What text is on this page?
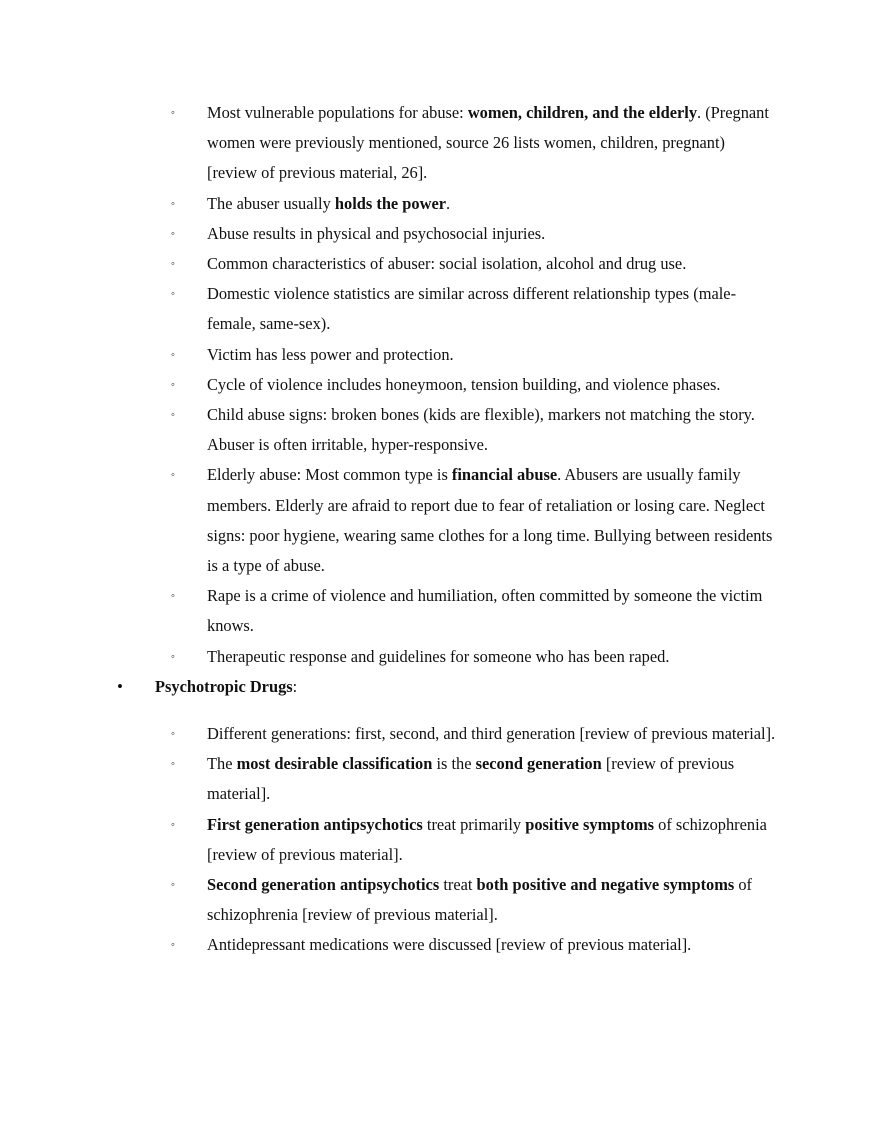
◦ Most vulnerable populations for abuse: women, children, and the elderly. (Pregnant women were previously mentioned, source 26 lists women, children, pregnant) [review of previous material, 26].
◦ The abuser usually holds the power.
◦ Abuse results in physical and psychosocial injuries.
◦ Common characteristics of abuser: social isolation, alcohol and drug use.
◦ Domestic violence statistics are similar across different relationship types (male-female, same-sex).
◦ Victim has less power and protection.
◦ Cycle of violence includes honeymoon, tension building, and violence phases.
◦ Child abuse signs: broken bones (kids are flexible), markers not matching the story. Abuser is often irritable, hyper-responsive.
◦ Elderly abuse: Most common type is financial abuse. Abusers are usually family members. Elderly are afraid to report due to fear of retaliation or losing care. Neglect signs: poor hygiene, wearing same clothes for a long time. Bullying between residents is a type of abuse.
◦ Rape is a crime of violence and humiliation, often committed by someone the victim knows.
◦ Therapeutic response and guidelines for someone who has been raped.
• Psychotropic Drugs:
◦ Different generations: first, second, and third generation [review of previous material].
◦ The most desirable classification is the second generation [review of previous material].
◦ First generation antipsychotics treat primarily positive symptoms of schizophrenia [review of previous material].
◦ Second generation antipsychotics treat both positive and negative symptoms of schizophrenia [review of previous material].
◦ Antidepressant medications were discussed [review of previous material].
